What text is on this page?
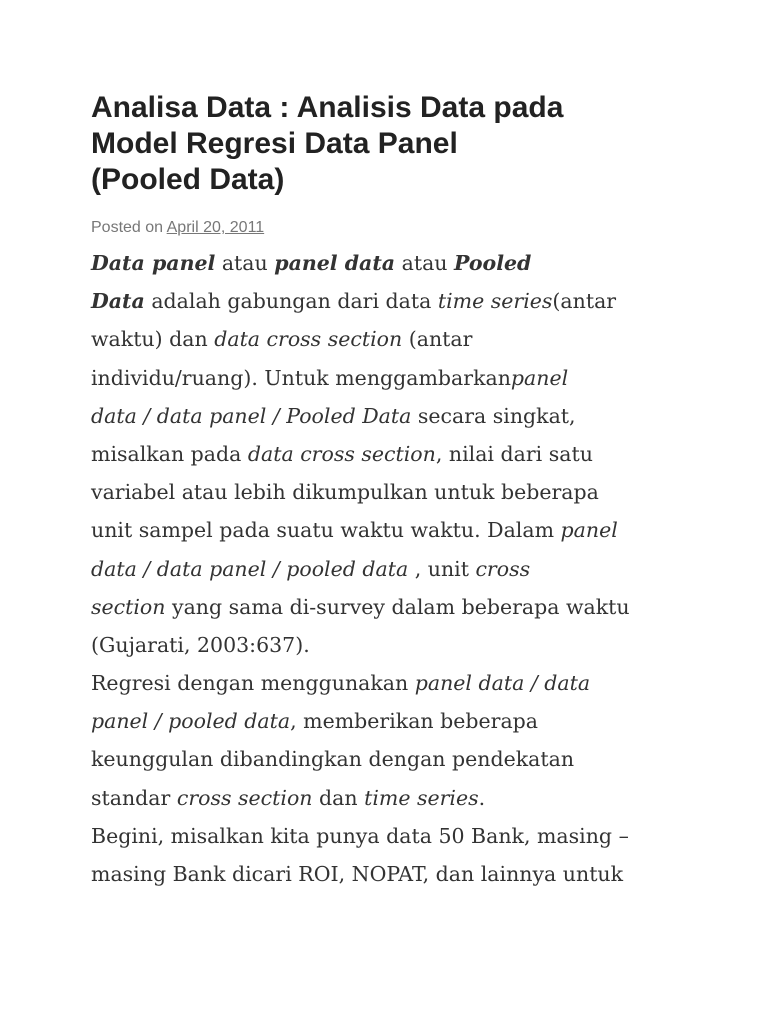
Analisa Data : Analisis Data pada
Model Regresi Data Panel
(Pooled Data)
Posted on April 20, 2011
Data panel atau panel data atau Pooled
Data adalah gabungan dari data time series(antar
waktu) dan data cross section (antar
individu/ruang). Untuk menggambarkanpanel
data / data panel / Pooled Data secara singkat,
misalkan pada data cross section, nilai dari satu
variabel atau lebih dikumpulkan untuk beberapa
unit sampel pada suatu waktu waktu. Dalam panel
data / data panel / pooled data , unit cross
section yang sama di-survey dalam beberapa waktu
(Gujarati, 2003:637).
Regresi dengan menggunakan panel data / data
panel / pooled data, memberikan beberapa
keunggulan dibandingkan dengan pendekatan
standar cross section dan time series.
Begini, misalkan kita punya data 50 Bank, masing –
masing Bank dicari ROI, NOPAT, dan lainnya untuk
